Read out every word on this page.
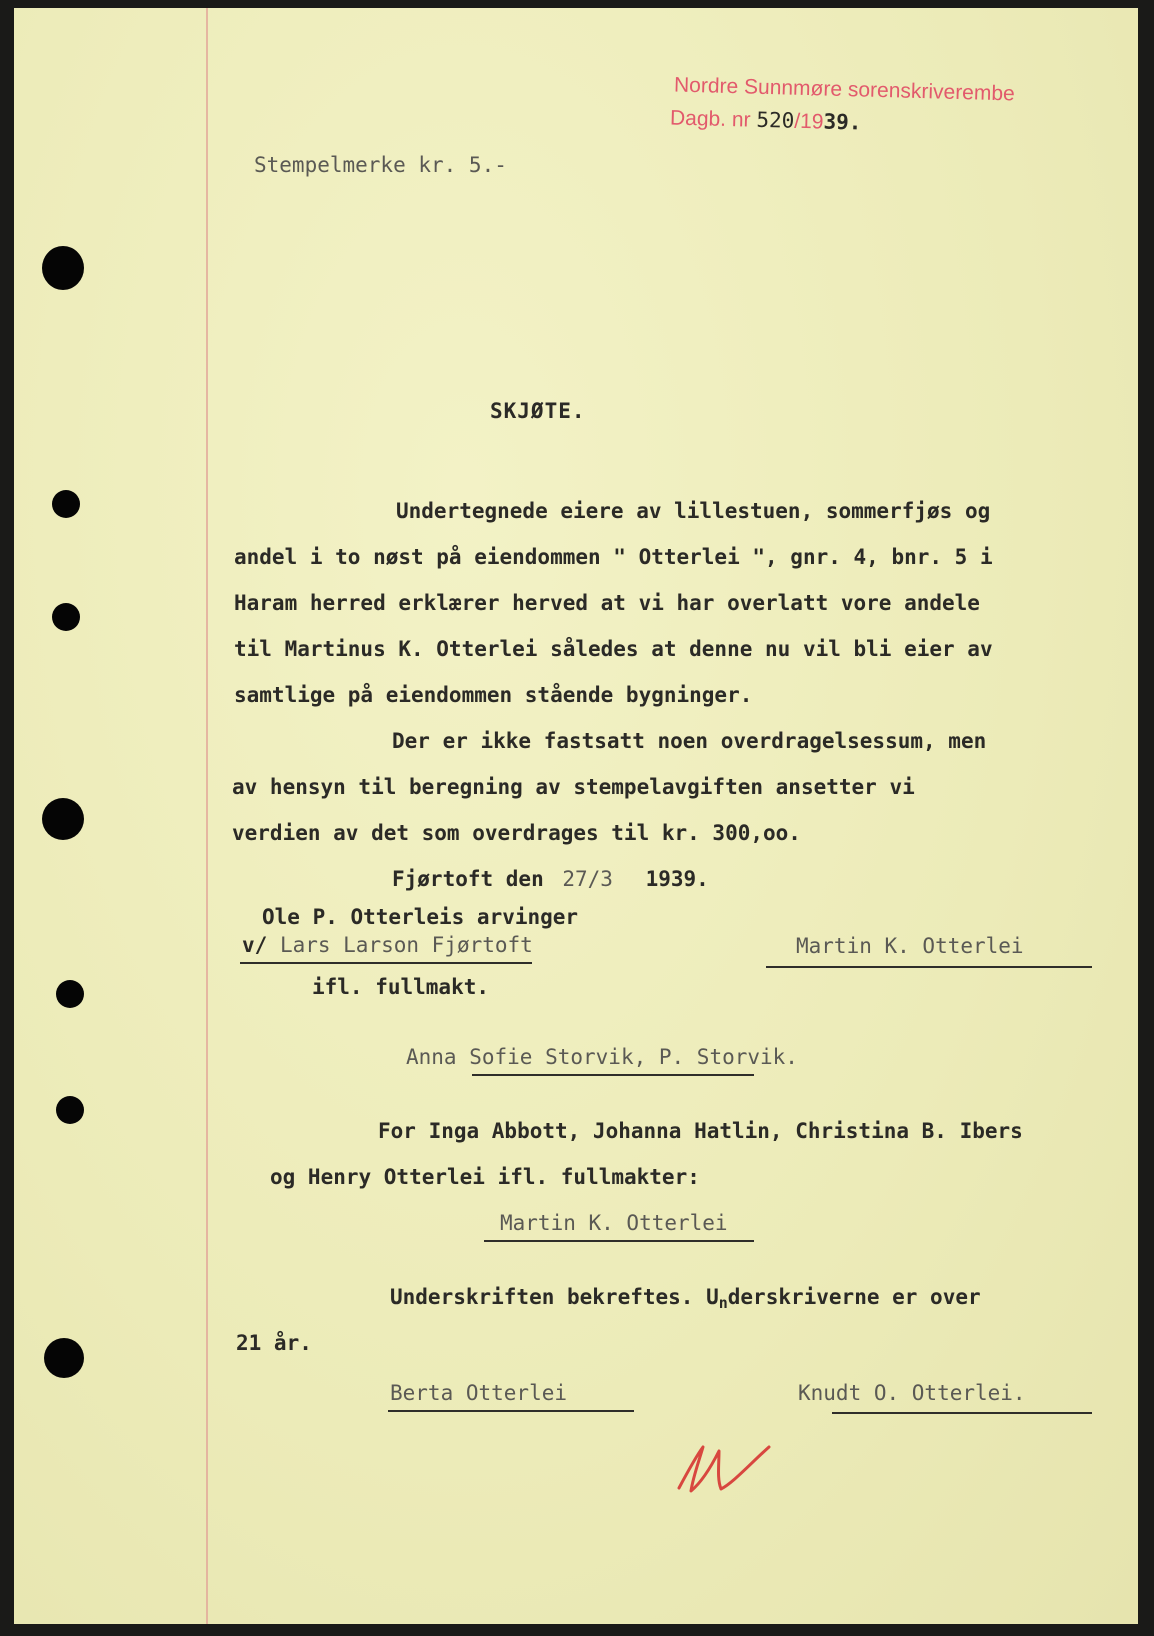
Nordre Sunnmøre sorenskriverembe
Dagb. nr 520/1939.
Stempelmerke kr. 5.-
SKJØTE.
Undertegnede eiere av lillestuen, sommerfjøs og
andel i to nøst på eiendommen " Otterlei ", gnr. 4, bnr. 5 i
Haram herred erklærer herved at vi har overlatt vore andele
til Martinus K. Otterlei således at denne nu vil bli eier av
samtlige på eiendommen stående bygninger.
Der er ikke fastsatt noen overdragelsessum, men
av hensyn til beregning av stempelavgiften ansetter vi
verdien av det som overdrages til kr. 300,oo.
Fjørtoft den 27/3 1939.
Ole P. Otterleis arvinger
v/ Lars Larson Fjørtoft	Martin K. Otterlei
ifl. fullmakt.
Anna Sofie Storvik, P. Storvik.
For Inga Abbott, Johanna Hatlin, Christina B. Ibers
og Henry Otterlei ifl. fullmakter:
Martin K. Otterlei
Underskriften bekreftes. $U_nderskriverne$ er over
21 år.
Berta Otterlei	Knudt O. Otterlei.
